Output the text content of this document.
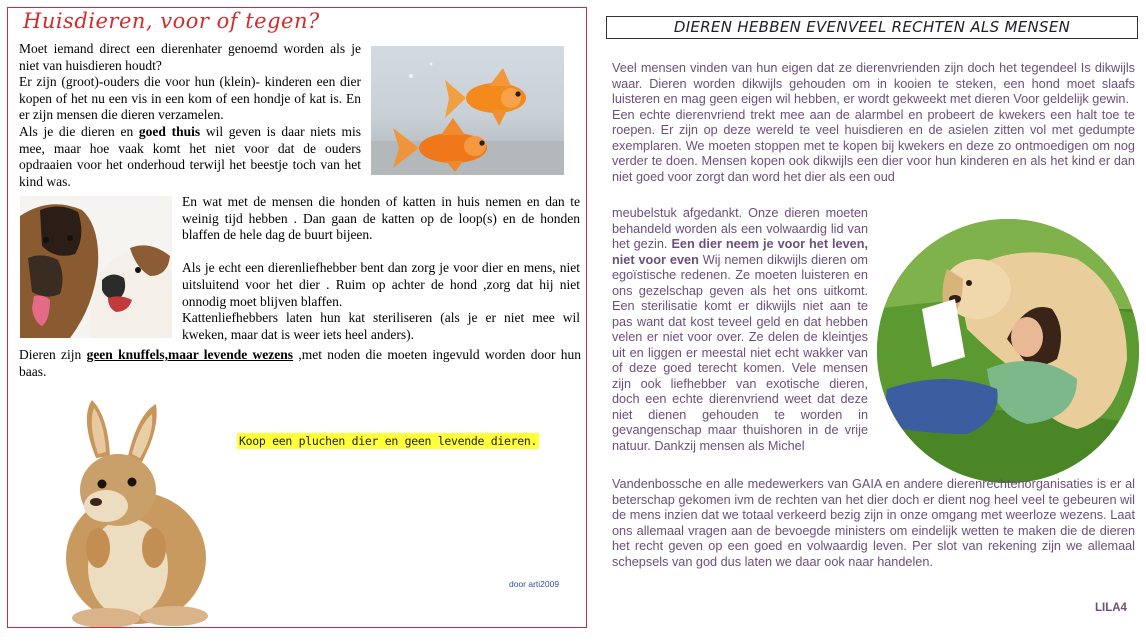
Huisdieren, voor of tegen?

Moet iemand direct een dierenhater genoemd worden als je niet van huisdieren houdt?

Er zijn (groot)-ouders die voor hun (klein)- kinderen een dier kopen of het nu een vis in een kom of een hondje of kat is. En er zijn mensen die dieren verzamelen.

Als je die dieren en goed thuis wil geven is daar niets mis mee, maar hoe vaak komt het niet voor dat de ouders opdraaien voor het onderhoud terwijl het beestje toch van het kind was.

En wat met de mensen die honden of katten in huis nemen en dan te weinig tijd hebben . Dan gaan de katten op de loop(s) en de honden blaffen de hele dag de buurt bijeen.

Als je echt een dierenliefhebber bent dan zorg je voor dier en mens, niet uitsluitend voor het dier . Ruim op achter de hond ,zorg dat hij niet onnodig moet blijven blaffen.

Kattenliefhebbers laten hun kat steriliseren (als je er niet mee wil kweken, maar dat is weer iets heel anders).

Dieren zijn geen knuffels,maar levende wezens ,met noden die moeten ingevuld worden door hun baas.

Koop een pluchen dier en geen levende dieren.
door arti2009
DIEREN HEBBEN EVENVEEL RECHTEN ALS MENSEN

Veel mensen vinden van hun eigen dat ze dierenvrienden zijn doch het tegendeel Is dikwijls waar. Dieren worden dikwijls gehouden om in kooien te steken, een hond moet slaafs luisteren en mag geen eigen wil hebben, er wordt gekweekt met dieren Voor geldelijk gewin.

Een echte dierenvriend trekt mee aan de alarmbel en probeert de kwekers een halt toe te roepen. Er zijn op deze wereld te veel huisdieren en de asielen zitten vol met gedumpte exemplaren. We moeten stoppen met te kopen bij kwekers en deze zo ontmoedigen om nog verder te doen. Mensen kopen ook dikwijls een dier voor hun kinderen en als het kind er dan niet goed voor zorgt dan word het dier als een oud

meubelstuk afgedankt. Onze dieren moeten behandeld worden als een volwaardig lid van het gezin. Een dier neem je voor het leven, niet voor even Wij nemen dikwijls dieren om egoïstische redenen. Ze moeten luisteren en ons gezelschap geven als het ons uitkomt. Een sterilisatie komt er dikwijls niet aan te pas want dat kost teveel geld en dat hebben velen er niet voor over. Ze delen de kleintjes uit en liggen er meestal niet echt wakker van of deze goed terecht komen. Vele mensen zijn ook liefhebber van exotische dieren, doch een echte dierenvriend weet dat deze niet dienen gehouden te worden in gevangenschap maar thuishoren in de vrije natuur. Dankzij mensen als Michel

Vandenbossche en alle medewerkers van GAIA en andere dierenrechtenorganisaties is er al beterschap gekomen ivm de rechten van het dier doch er dient nog heel veel te gebeuren wil de mens inzien dat we totaal verkeerd bezig zijn in onze omgang met weerloze wezens. Laat ons allemaal vragen aan de bevoegde ministers om eindelijk wetten te maken die de dieren het recht geven op een goed en volwaardig leven. Per slot van rekening zijn we allemaal schepsels van god dus laten we daar ook naar handelen.
LILA4
